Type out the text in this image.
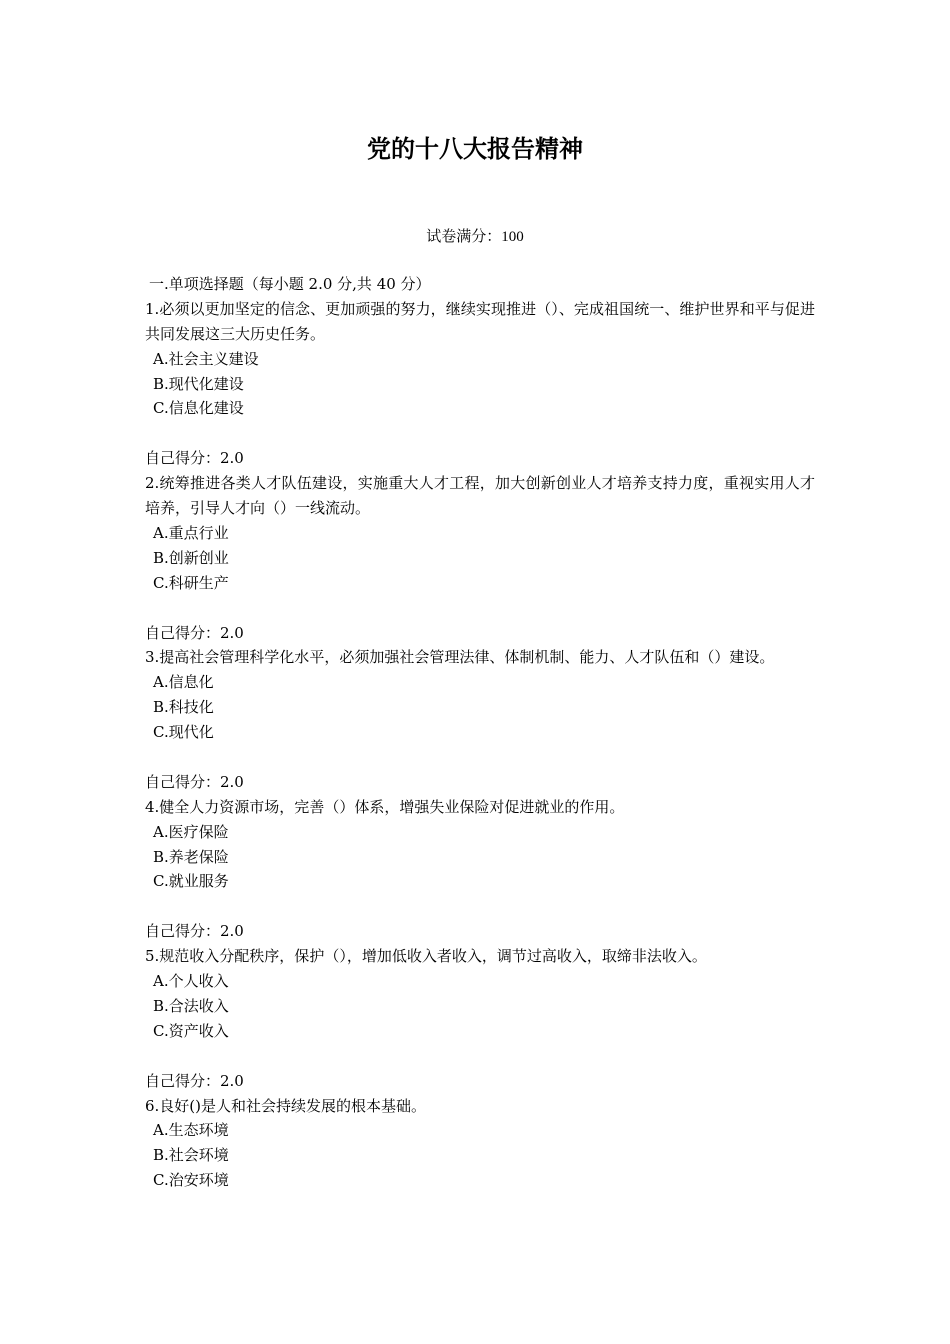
党的十八大报告精神
试卷满分：100
一.单项选择题（每小题 2.0 分,共 40 分）
1.必须以更加坚定的信念、更加顽强的努力，继续实现推进（）、完成祖国统一、维护世界和平与促进共同发展这三大历史任务。
A.社会主义建设
B.现代化建设
C.信息化建设
自己得分：2.0
2.统筹推进各类人才队伍建设，实施重大人才工程，加大创新创业人才培养支持力度，重视实用人才培养，引导人才向（）一线流动。
A.重点行业
B.创新创业
C.科研生产
自己得分：2.0
3.提高社会管理科学化水平，必须加强社会管理法律、体制机制、能力、人才队伍和（）建设。
A.信息化
B.科技化
C.现代化
自己得分：2.0
4.健全人力资源市场，完善（）体系，增强失业保险对促进就业的作用。
A.医疗保险
B.养老保险
C.就业服务
自己得分：2.0
5.规范收入分配秩序，保护（），增加低收入者收入，调节过高收入，取缔非法收入。
A.个人收入
B.合法收入
C.资产收入
自己得分：2.0
6.良好()是人和社会持续发展的根本基础。
A.生态环境
B.社会环境
C.治安环境
